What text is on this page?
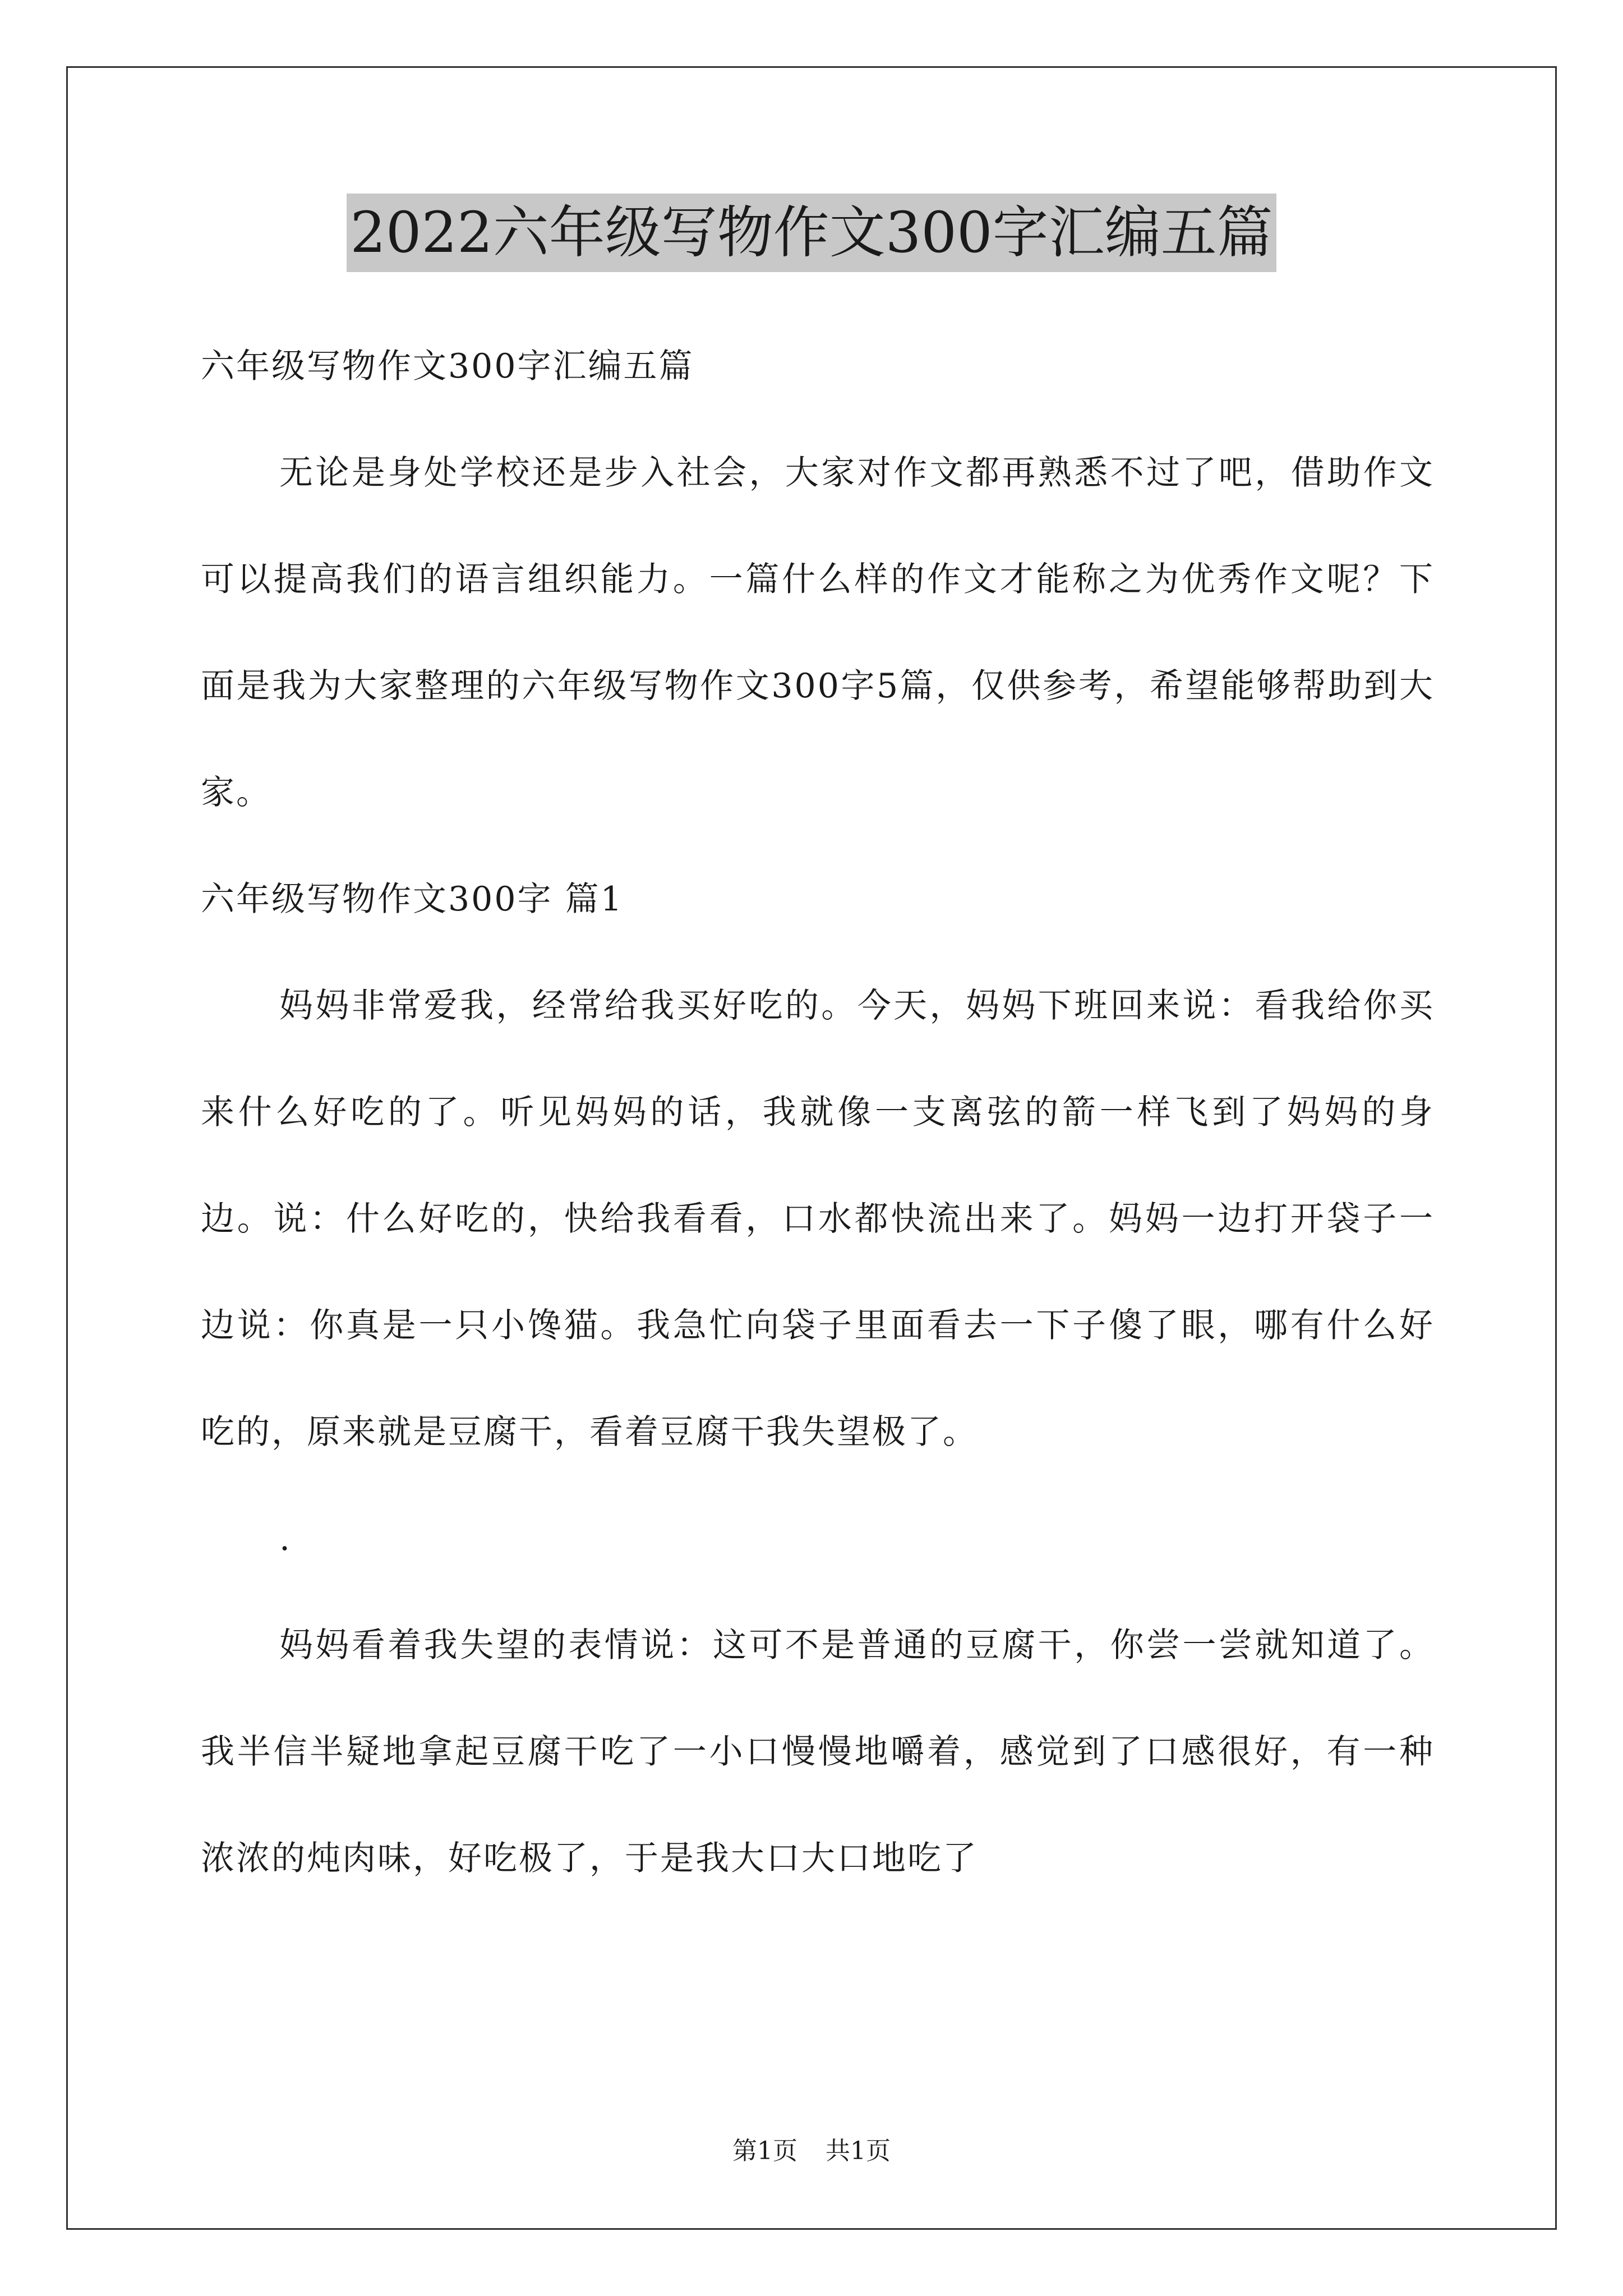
2022六年级写物作文300字汇编五篇

六年级写物作文300字汇编五篇

无论是身处学校还是步入社会，大家对作文都再熟悉不过了吧，借助作文可以提高我们的语言组织能力。一篇什么样的作文才能称之为优秀作文呢？下面是我为大家整理的六年级写物作文300字5篇，仅供参考，希望能够帮助到大家。

六年级写物作文300字 篇1

妈妈非常爱我，经常给我买好吃的。今天，妈妈下班回来说：看我给你买来什么好吃的了。听见妈妈的话，我就像一支离弦的箭一样飞到了妈妈的身边。说：什么好吃的，快给我看看，口水都快流出来了。妈妈一边打开袋子一边说：你真是一只小馋猫。我急忙向袋子里面看去一下子傻了眼，哪有什么好吃的，原来就是豆腐干，看着豆腐干我失望极了。

.

妈妈看着我失望的表情说：这可不是普通的豆腐干，你尝一尝就知道了。我半信半疑地拿起豆腐干吃了一小口慢慢地嚼着，感觉到了口感很好，有一种浓浓的炖肉味，好吃极了，于是我大口大口地吃了

第1页 共1页
